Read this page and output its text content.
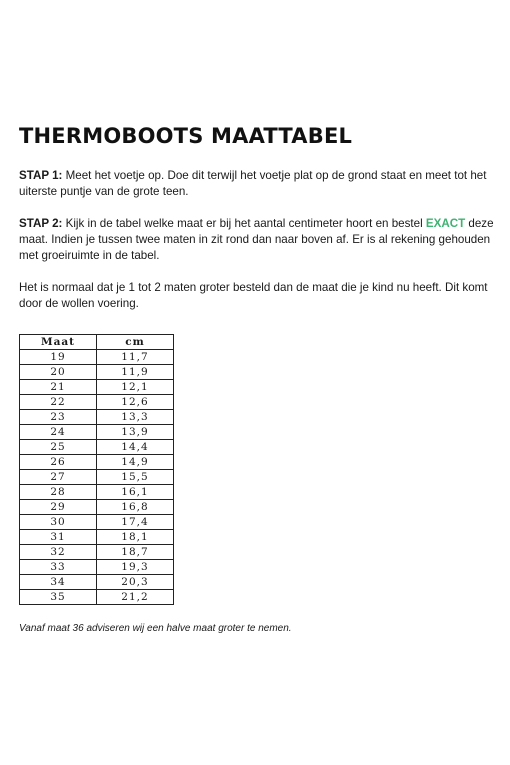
THERMOBOOTS MAATTABEL

STAP 1: Meet het voetje op. Doe dit terwijl het voetje plat op de grond staat en meet tot het uiterste puntje van de grote teen.

STAP 2: Kijk in de tabel welke maat er bij het aantal centimeter hoort en bestel EXACT deze maat. Indien je tussen twee maten in zit rond dan naar boven af. Er is al rekening gehouden met groeiruimte in de tabel.

Het is normaal dat je 1 tot 2 maten groter besteld dan de maat die je kind nu heeft. Dit komt door de wollen voering.

Maat	cm
19	11,7
20	11,9
21	12,1
22	12,6
23	13,3
24	13,9
25	14,4
26	14,9
27	15,5
28	16,1
29	16,8
30	17,4
31	18,1
32	18,7
33	19,3
34	20,3
35	21,2
Vanaf maat 36 adviseren wij een halve maat groter te nemen.
